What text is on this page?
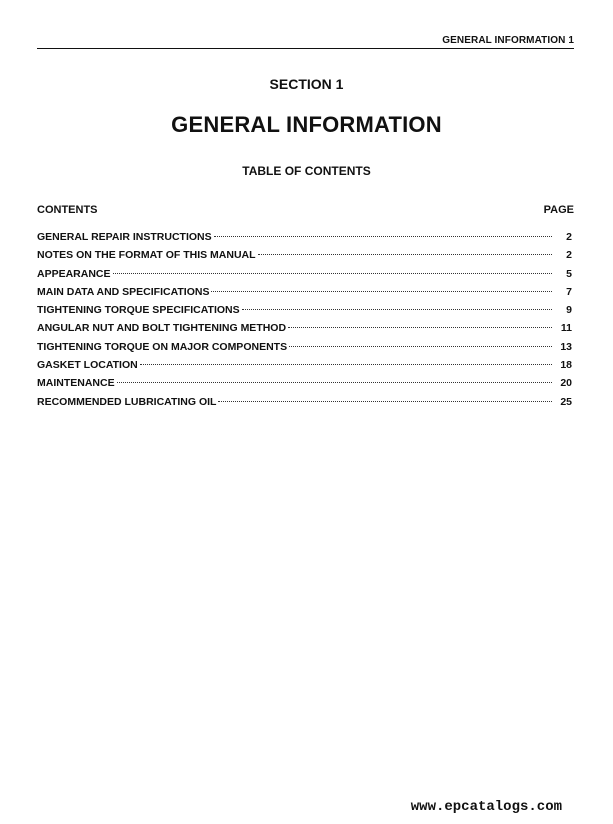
GENERAL INFORMATION 1
SECTION 1
GENERAL INFORMATION
TABLE OF CONTENTS
CONTENTS	PAGE
GENERAL REPAIR INSTRUCTIONS	2
NOTES ON THE FORMAT OF THIS MANUAL	2
APPEARANCE	5
MAIN DATA AND SPECIFICATIONS	7
TIGHTENING TORQUE SPECIFICATIONS	9
ANGULAR NUT AND BOLT TIGHTENING METHOD	11
TIGHTENING TORQUE ON MAJOR COMPONENTS	13
GASKET LOCATION	18
MAINTENANCE	20
RECOMMENDED LUBRICATING OIL	25
www.epcatalogs.com
